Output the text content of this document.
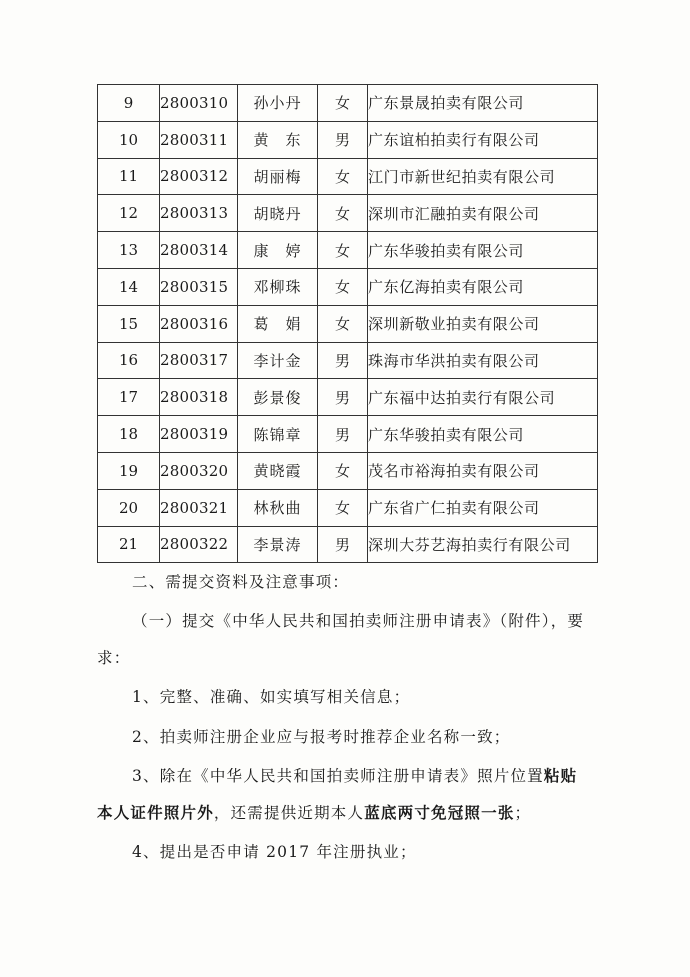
9	2800310	孙小丹	女	广东景晟拍卖有限公司
10	2800311	黄　东	男	广东谊柏拍卖行有限公司
11	2800312	胡丽梅	女	江门市新世纪拍卖有限公司
12	2800313	胡晓丹	女	深圳市汇融拍卖有限公司
13	2800314	康　婷	女	广东华骏拍卖有限公司
14	2800315	邓柳珠	女	广东亿海拍卖有限公司
15	2800316	葛　娟	女	深圳新敬业拍卖有限公司
16	2800317	李计金	男	珠海市华洪拍卖有限公司
17	2800318	彭景俊	男	广东福中达拍卖行有限公司
18	2800319	陈锦章	男	广东华骏拍卖有限公司
19	2800320	黄晓霞	女	茂名市裕海拍卖有限公司
20	2800321	林秋曲	女	广东省广仁拍卖有限公司
21	2800322	李景涛	男	深圳大芬艺海拍卖行有限公司

二、需提交资料及注意事项：

（一）提交《中华人民共和国拍卖师注册申请表》（附件），要

求：

1、完整、准确、如实填写相关信息；

2、拍卖师注册企业应与报考时推荐企业名称一致；

3、除在《中华人民共和国拍卖师注册申请表》照片位置粘贴

本人证件照片外，还需提供近期本人蓝底两寸免冠照一张；

4、提出是否申请 2017 年注册执业；
